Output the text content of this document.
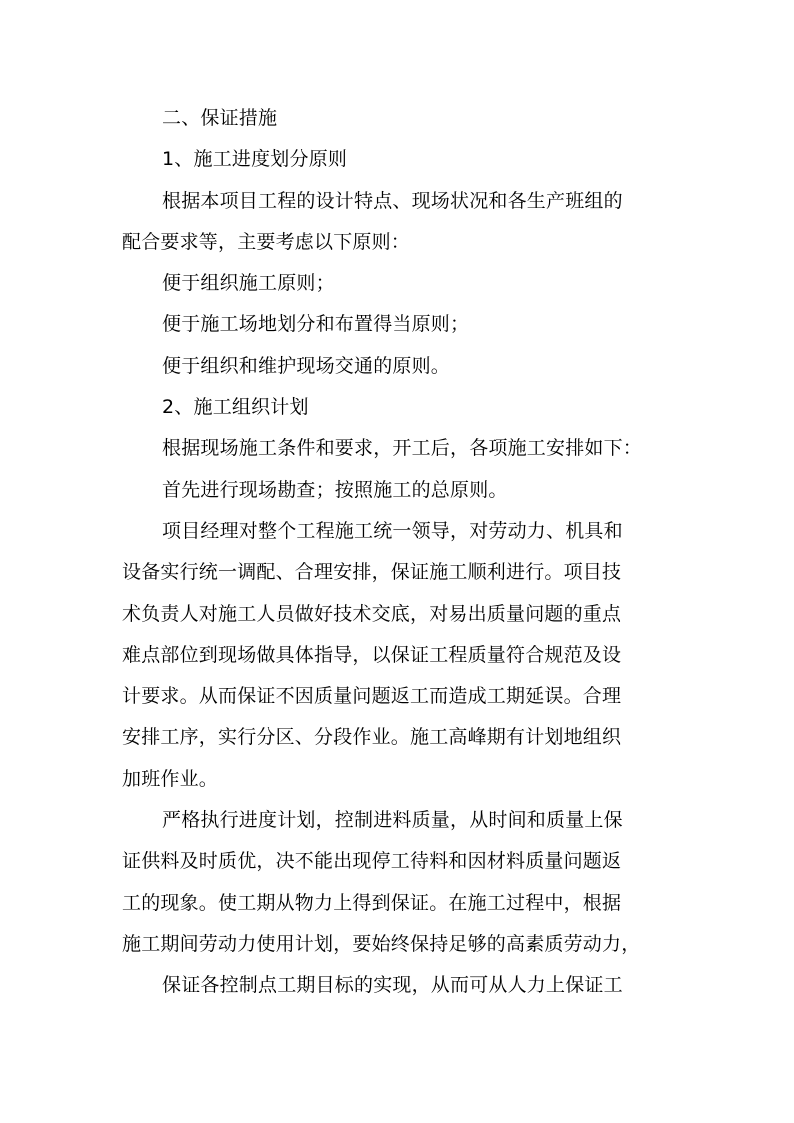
二、保证措施
1、施工进度划分原则
根据本项目工程的设计特点、现场状况和各生产班组的
配合要求等，主要考虑以下原则：
便于组织施工原则；
便于施工场地划分和布置得当原则；
便于组织和维护现场交通的原则。
2、施工组织计划
根据现场施工条件和要求，开工后，各项施工安排如下：
首先进行现场勘查；按照施工的总原则。
项目经理对整个工程施工统一领导，对劳动力、机具和
设备实行统一调配、合理安排，保证施工顺利进行。项目技
术负责人对施工人员做好技术交底，对易出质量问题的重点
难点部位到现场做具体指导，以保证工程质量符合规范及设
计要求。从而保证不因质量问题返工而造成工期延误。合理
安排工序，实行分区、分段作业。施工高峰期有计划地组织
加班作业。
严格执行进度计划，控制进料质量，从时间和质量上保
证供料及时质优，决不能出现停工待料和因材料质量问题返
工的现象。使工期从物力上得到保证。在施工过程中，根据
施工期间劳动力使用计划，要始终保持足够的高素质劳动力，
保证各控制点工期目标的实现，从而可从人力上保证工
